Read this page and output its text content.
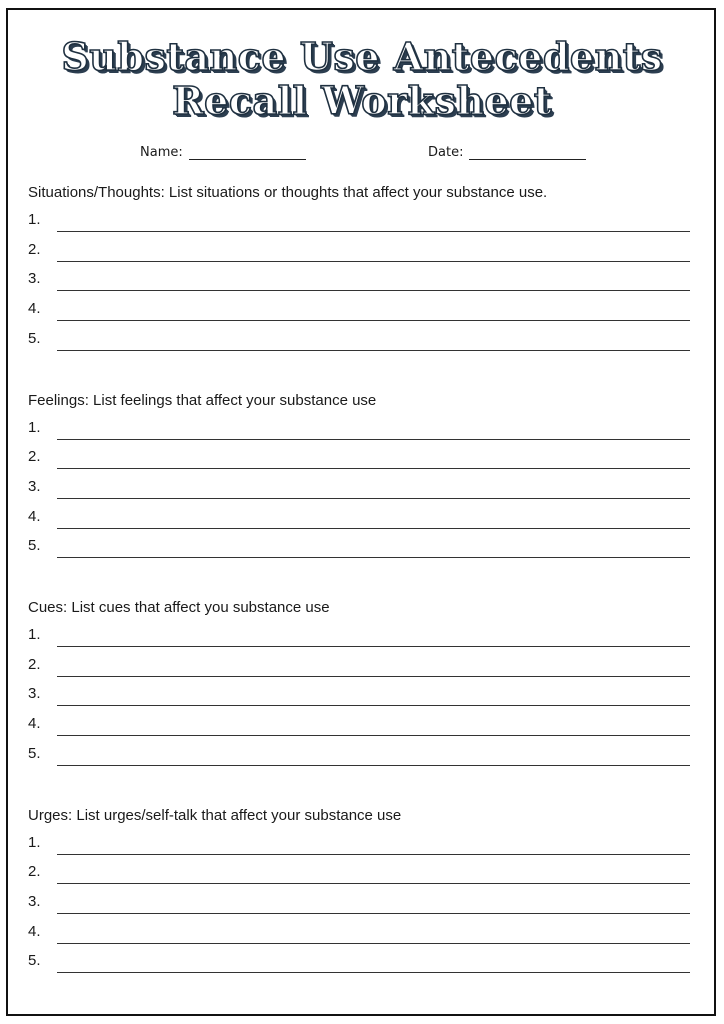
Substance Use Antecedents
Recall Worksheet
Name:	Date:
Situations/Thoughts: List situations or thoughts that affect your substance use.
1.
2.
3.
4.
5.
Feelings: List feelings that affect your substance use
1.
2.
3.
4.
5.
Cues: List cues that affect you substance use
1.
2.
3.
4.
5.
Urges: List urges/self-talk that affect your substance use
1.
2.
3.
4.
5.
